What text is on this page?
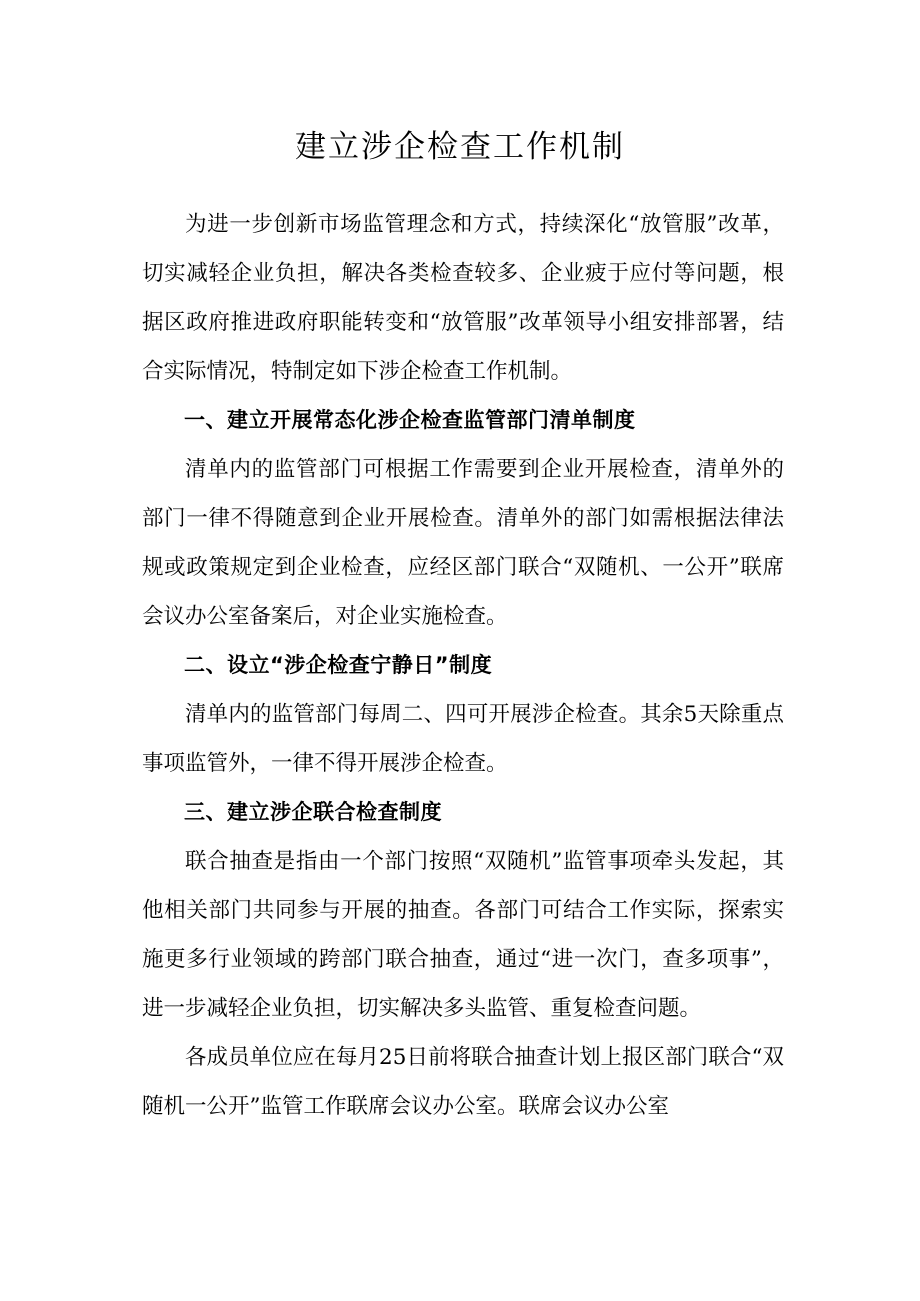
建立涉企检查工作机制

为进一步创新市场监管理念和方式，持续深化“放管服”改革，切实减轻企业负担，解决各类检查较多、企业疲于应付等问题，根据区政府推进政府职能转变和“放管服”改革领导小组安排部署，结合实际情况，特制定如下涉企检查工作机制。

一、建立开展常态化涉企检查监管部门清单制度

清单内的监管部门可根据工作需要到企业开展检查，清单外的部门一律不得随意到企业开展检查。清单外的部门如需根据法律法规或政策规定到企业检查，应经区部门联合“双随机、一公开”联席会议办公室备案后，对企业实施检查。

二、设立“涉企检查宁静日”制度

清单内的监管部门每周二、四可开展涉企检查。其余5天除重点事项监管外，一律不得开展涉企检查。

三、建立涉企联合检查制度

联合抽查是指由一个部门按照“双随机”监管事项牵头发起，其他相关部门共同参与开展的抽查。各部门可结合工作实际，探索实施更多行业领域的跨部门联合抽查，通过“进一次门，查多项事”，进一步减轻企业负担，切实解决多头监管、重复检查问题。

各成员单位应在每月25日前将联合抽查计划上报区部门联合“双随机一公开”监管工作联席会议办公室。联席会议办公室
